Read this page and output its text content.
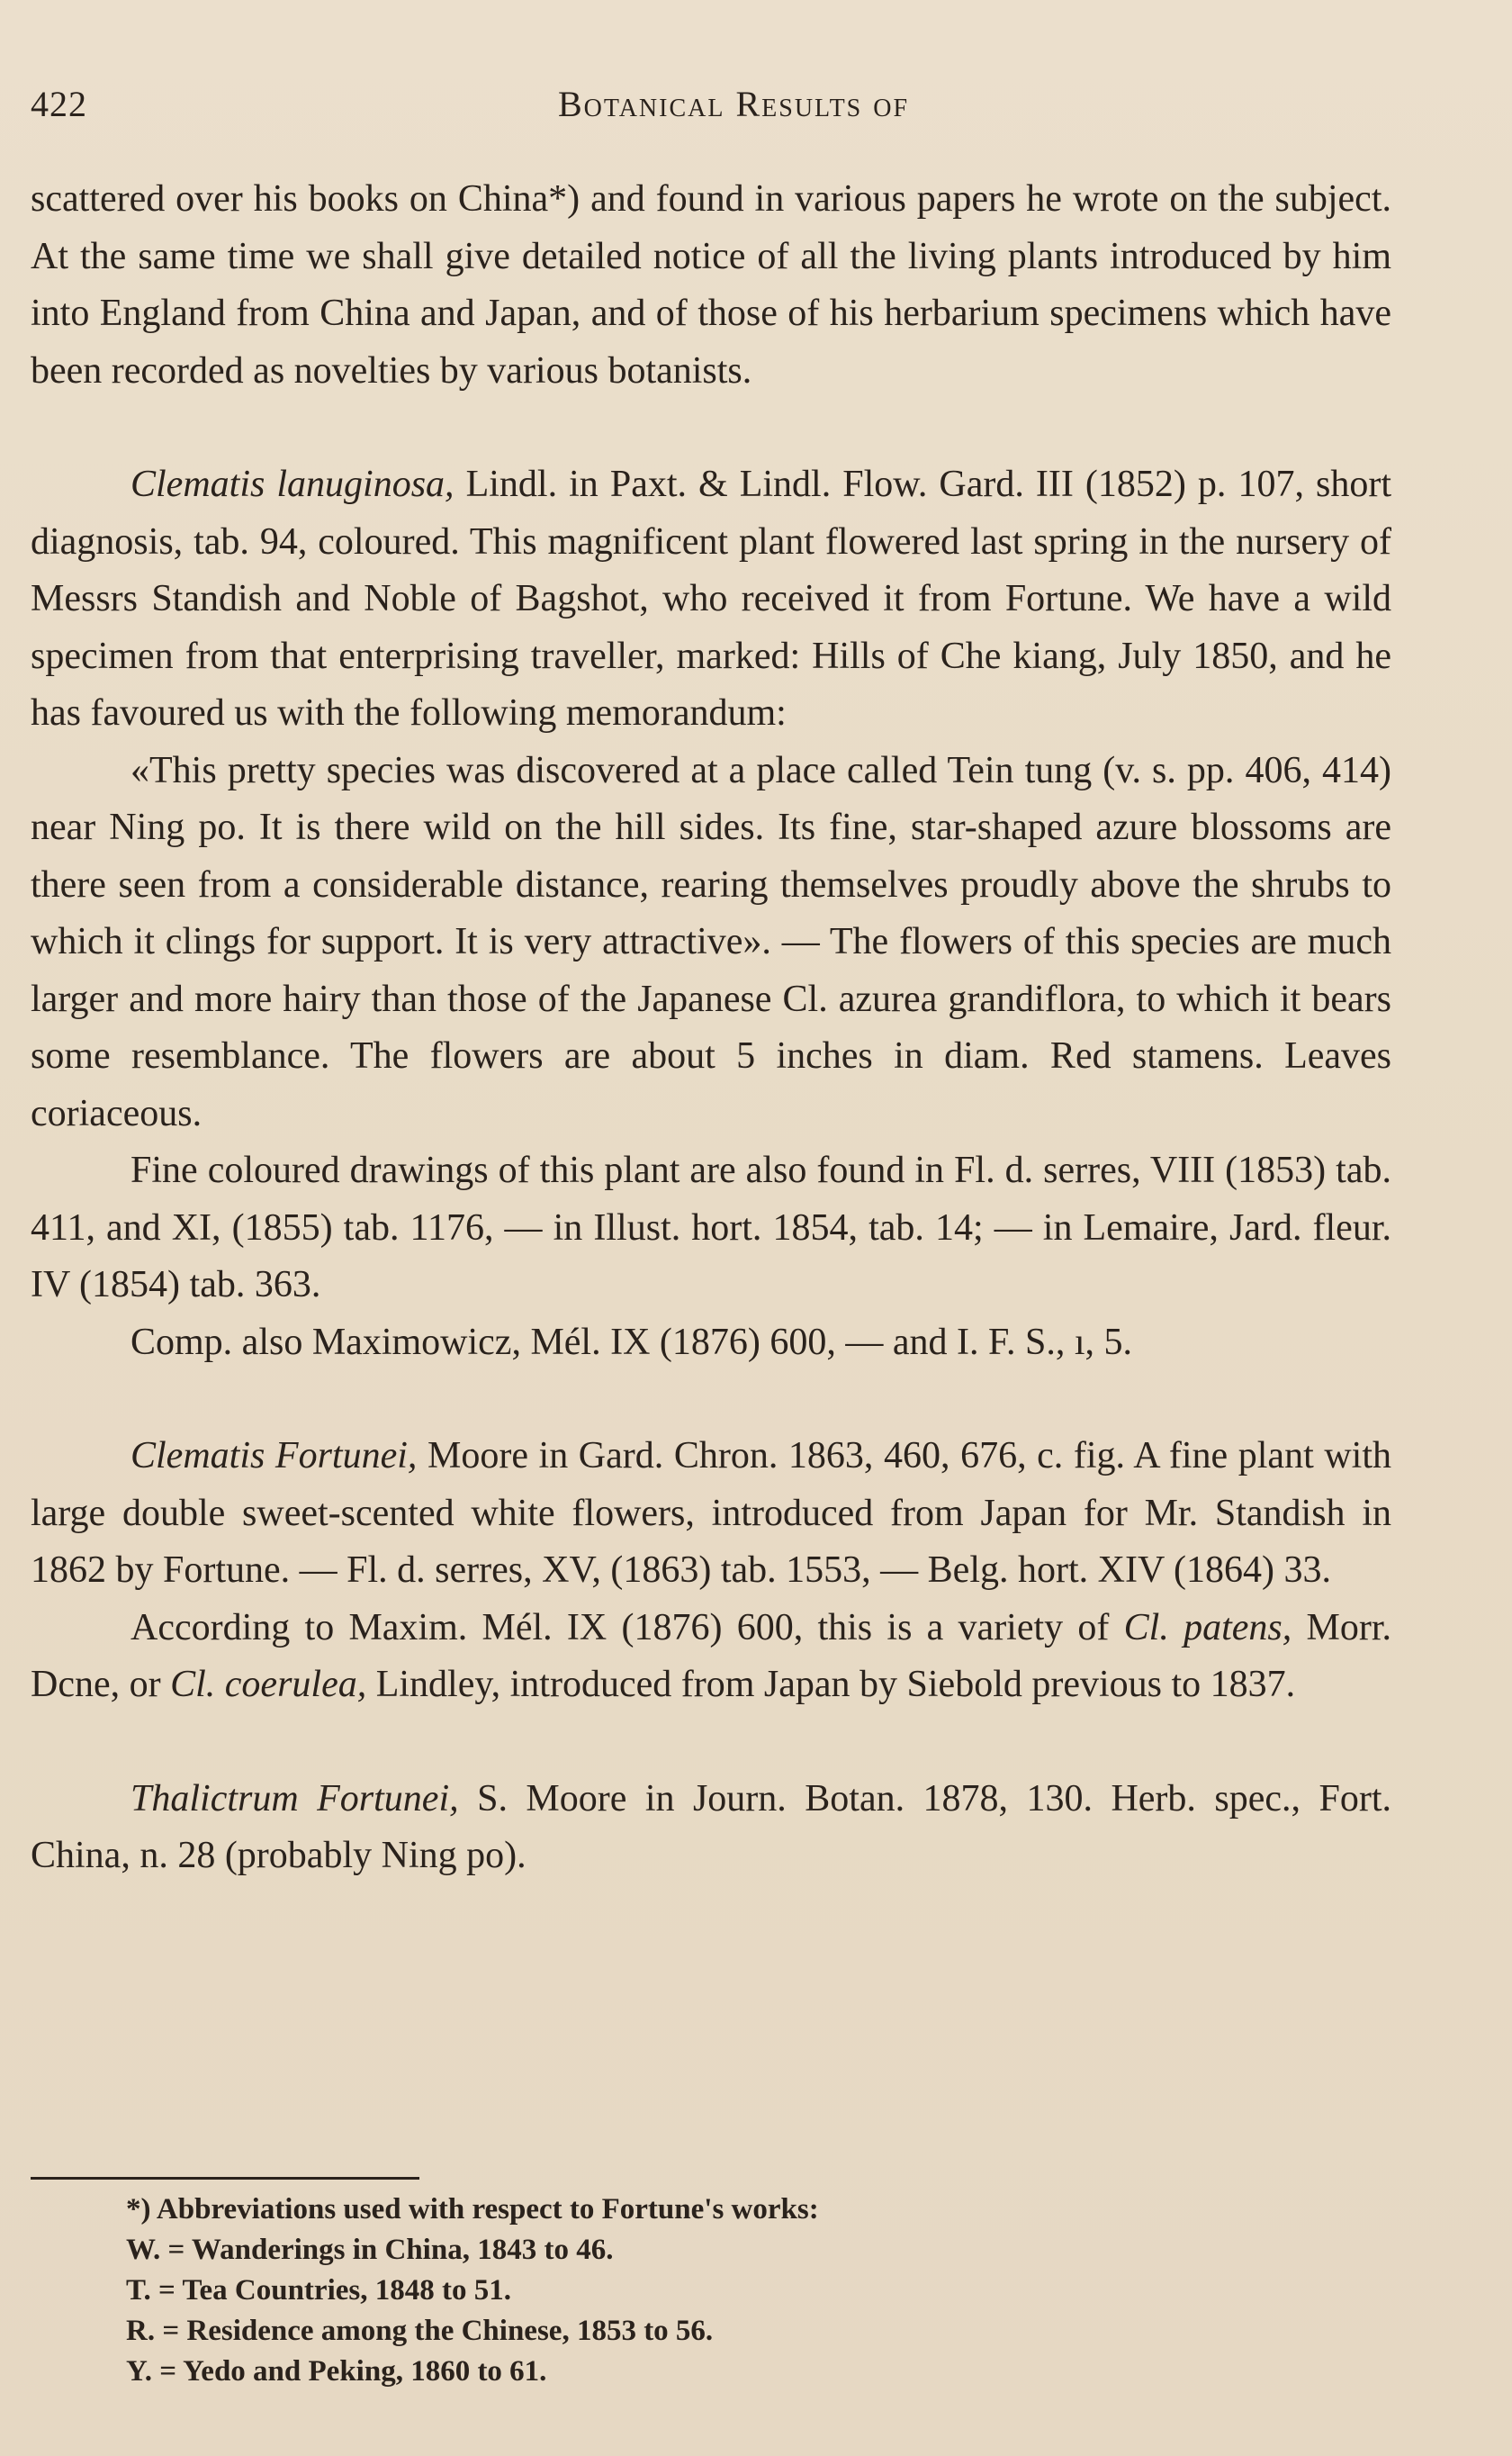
422	Botanical Results of

scattered over his books on China*) and found in various papers he wrote on the subject. At the same time we shall give detailed notice of all the living plants introduced by him into England from China and Japan, and of those of his herbarium specimens which have been recorded as novelties by various botanists.

Clematis lanuginosa, Lindl. in Paxt. & Lindl. Flow. Gard. III (1852) p. 107, short diagnosis, tab. 94, coloured. This magnificent plant flowered last spring in the nursery of Messrs Standish and Noble of Bagshot, who received it from Fortune. We have a wild specimen from that enterprising traveller, marked: Hills of Che kiang, July 1850, and he has favoured us with the following memorandum:

«This pretty species was discovered at a place called Tein tung (v. s. pp. 406, 414) near Ning po. It is there wild on the hill sides. Its fine, star-shaped azure blossoms are there seen from a considerable distance, rearing themselves proudly above the shrubs to which it clings for support. It is very attractive». — The flowers of this species are much larger and more hairy than those of the Japanese Cl. azurea grandiflora, to which it bears some resemblance. The flowers are about 5 inches in diam. Red stamens. Leaves coriaceous.

Fine coloured drawings of this plant are also found in Fl. d. serres, VIII (1853) tab. 411, and XI, (1855) tab. 1176, — in Illust. hort. 1854, tab. 14; — in Lemaire, Jard. fleur. IV (1854) tab. 363.

Comp. also Maximowicz, Mél. IX (1876) 600, — and I. F. S., ı, 5.

Clematis Fortunei, Moore in Gard. Chron. 1863, 460, 676, c. fig. A fine plant with large double sweet-scented white flowers, introduced from Japan for Mr. Standish in 1862 by Fortune. — Fl. d. serres, XV, (1863) tab. 1553, — Belg. hort. XIV (1864) 33.

According to Maxim. Mél. IX (1876) 600, this is a variety of Cl. patens, Morr. Dcne, or Cl. coerulea, Lindley, introduced from Japan by Siebold previous to 1837.

Thalictrum Fortunei, S. Moore in Journ. Botan. 1878, 130. Herb. spec., Fort. China, n. 28 (probably Ning po).

*) Abbreviations used with respect to Fortune's works:

W. = Wanderings in China, 1843 to 46.

T. = Tea Countries, 1848 to 51.

R. = Residence among the Chinese, 1853 to 56.

Y. = Yedo and Peking, 1860 to 61.
